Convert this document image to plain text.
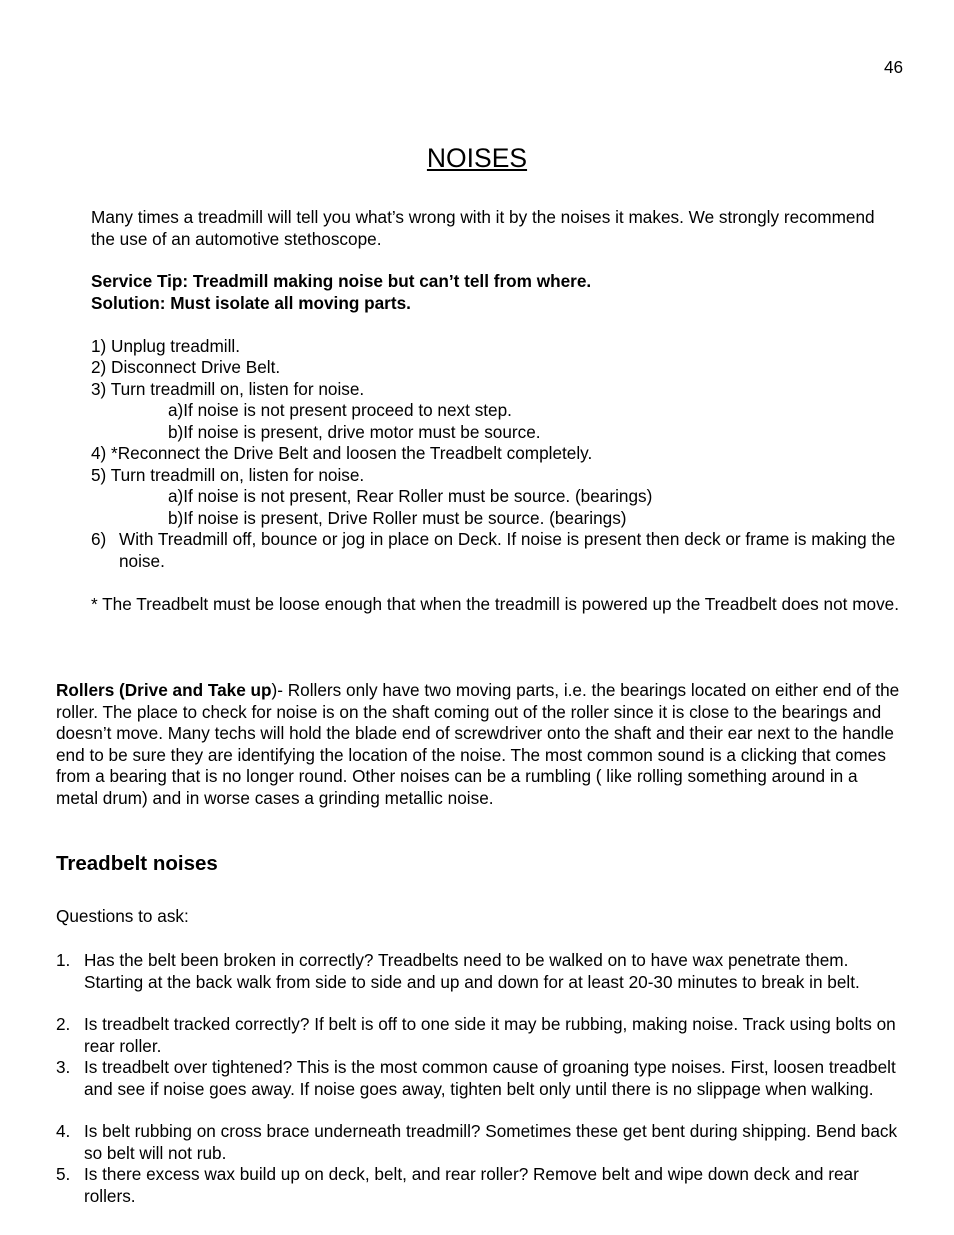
46
NOISES

Many times a treadmill will tell you what’s wrong with it by the noises it makes. We strongly recommend the use of an automotive stethoscope.

Service Tip: Treadmill making noise but can’t tell from where.
Solution: Must isolate all moving parts.
1) Unplug treadmill.
2) Disconnect Drive Belt.
3) Turn treadmill on, listen for noise.
a)If noise is not present proceed to next step.
b)If noise is present, drive motor must be source.
4) *Reconnect the Drive Belt and loosen the Treadbelt completely.
5) Turn treadmill on, listen for noise.
a)If noise is not present, Rear Roller must be source. (bearings)
b)If noise is present, Drive Roller must be source. (bearings)
6) With Treadmill off, bounce or jog in place on Deck. If noise is present then deck or frame is making the noise.

* The Treadbelt must be loose enough that when the treadmill is powered up the Treadbelt does not move.

Rollers (Drive and Take up)- Rollers only have two moving parts, i.e. the bearings located on either end of the roller. The place to check for noise is on the shaft coming out of the roller since it is close to the bearings and doesn’t move. Many techs will hold the blade end of screwdriver onto the shaft and their ear next to the handle end to be sure they are identifying the location of the noise. The most common sound is a clicking that comes from a bearing that is no longer round. Other noises can be a rumbling ( like rolling something around in a metal drum) and in worse cases a grinding metallic noise.

Treadbelt noises
Questions to ask:
1. Has the belt been broken in correctly? Treadbelts need to be walked on to have wax penetrate them. Starting at the back walk from side to side and up and down for at least 20-30 minutes to break in belt.
2. Is treadbelt tracked correctly? If belt is off to one side it may be rubbing, making noise. Track using bolts on rear roller.
3. Is treadbelt over tightened? This is the most common cause of groaning type noises. First, loosen treadbelt and see if noise goes away. If noise goes away, tighten belt only until there is no slippage when walking.
4. Is belt rubbing on cross brace underneath treadmill? Sometimes these get bent during shipping. Bend back so belt will not rub.
5. Is there excess wax build up on deck, belt, and rear roller? Remove belt and wipe down deck and rear rollers.
